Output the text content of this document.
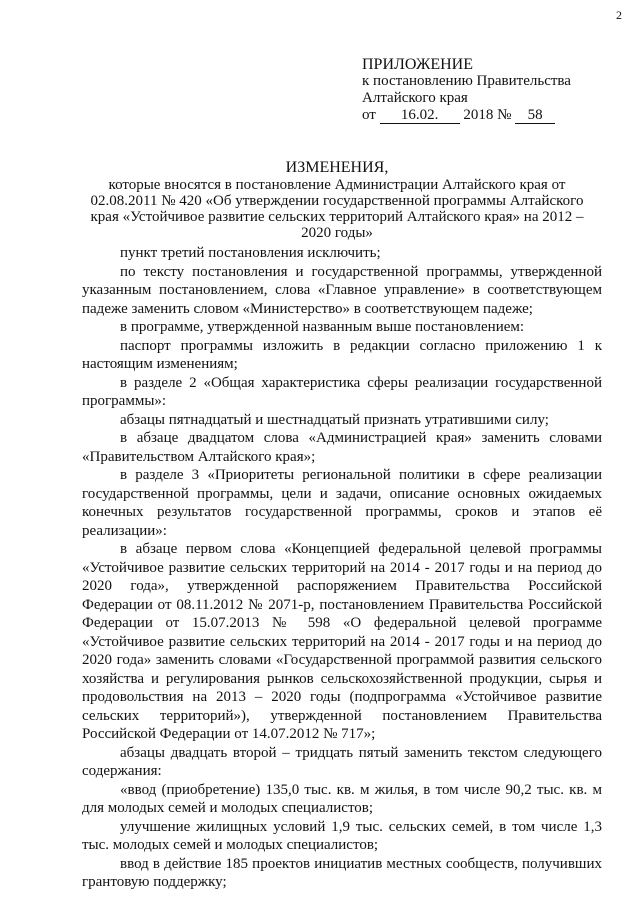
2
ПРИЛОЖЕНИЕ
к постановлению Правительства
Алтайского края
от 16.02. 2018 № 58
ИЗМЕНЕНИЯ,
которые вносятся в постановление Администрации Алтайского края от 02.08.2011 № 420 «Об утверждении государственной программы Алтайского края «Устойчивое развитие сельских территорий Алтайского края» на 2012 – 2020 годы»

пункт третий постановления исключить;

по тексту постановления и государственной программы, утвержденной указанным постановлением, слова «Главное управление» в соответствующем падеже заменить словом «Министерство» в соответствующем падеже;

в программе, утвержденной названным выше постановлением:

паспорт программы изложить в редакции согласно приложению 1 к настоящим изменениям;

в разделе 2 «Общая характеристика сферы реализации государственной программы»:

абзацы пятнадцатый и шестнадцатый признать утратившими силу;

в абзаце двадцатом слова «Администрацией края» заменить словами «Правительством Алтайского края»;

в разделе 3 «Приоритеты региональной политики в сфере реализации государственной программы, цели и задачи, описание основных ожидаемых конечных результатов государственной программы, сроков и этапов её реализации»:

в абзаце первом слова «Концепцией федеральной целевой программы «Устойчивое развитие сельских территорий на 2014 - 2017 годы и на период до 2020 года», утвержденной распоряжением Правительства Российской Федерации от 08.11.2012 № 2071-р, постановлением Правительства Российской Федерации от 15.07.2013 № 598 «О федеральной целевой программе «Устойчивое развитие сельских территорий на 2014 - 2017 годы и на период до 2020 года» заменить словами «Государственной программой развития сельского хозяйства и регулирования рынков сельскохозяйственной продукции, сырья и продовольствия на 2013 – 2020 годы (подпрограмма «Устойчивое развитие сельских территорий»), утвержденной постановлением Правительства Российской Федерации от 14.07.2012 № 717»;

абзацы двадцать второй – тридцать пятый заменить текстом следующего содержания:

«ввод (приобретение) 135,0 тыс. кв. м жилья, в том числе 90,2 тыс. кв. м для молодых семей и молодых специалистов;

улучшение жилищных условий 1,9 тыс. сельских семей, в том числе 1,3 тыс. молодых семей и молодых специалистов;

ввод в действие 185 проектов инициатив местных сообществ, получивших грантовую поддержку;
